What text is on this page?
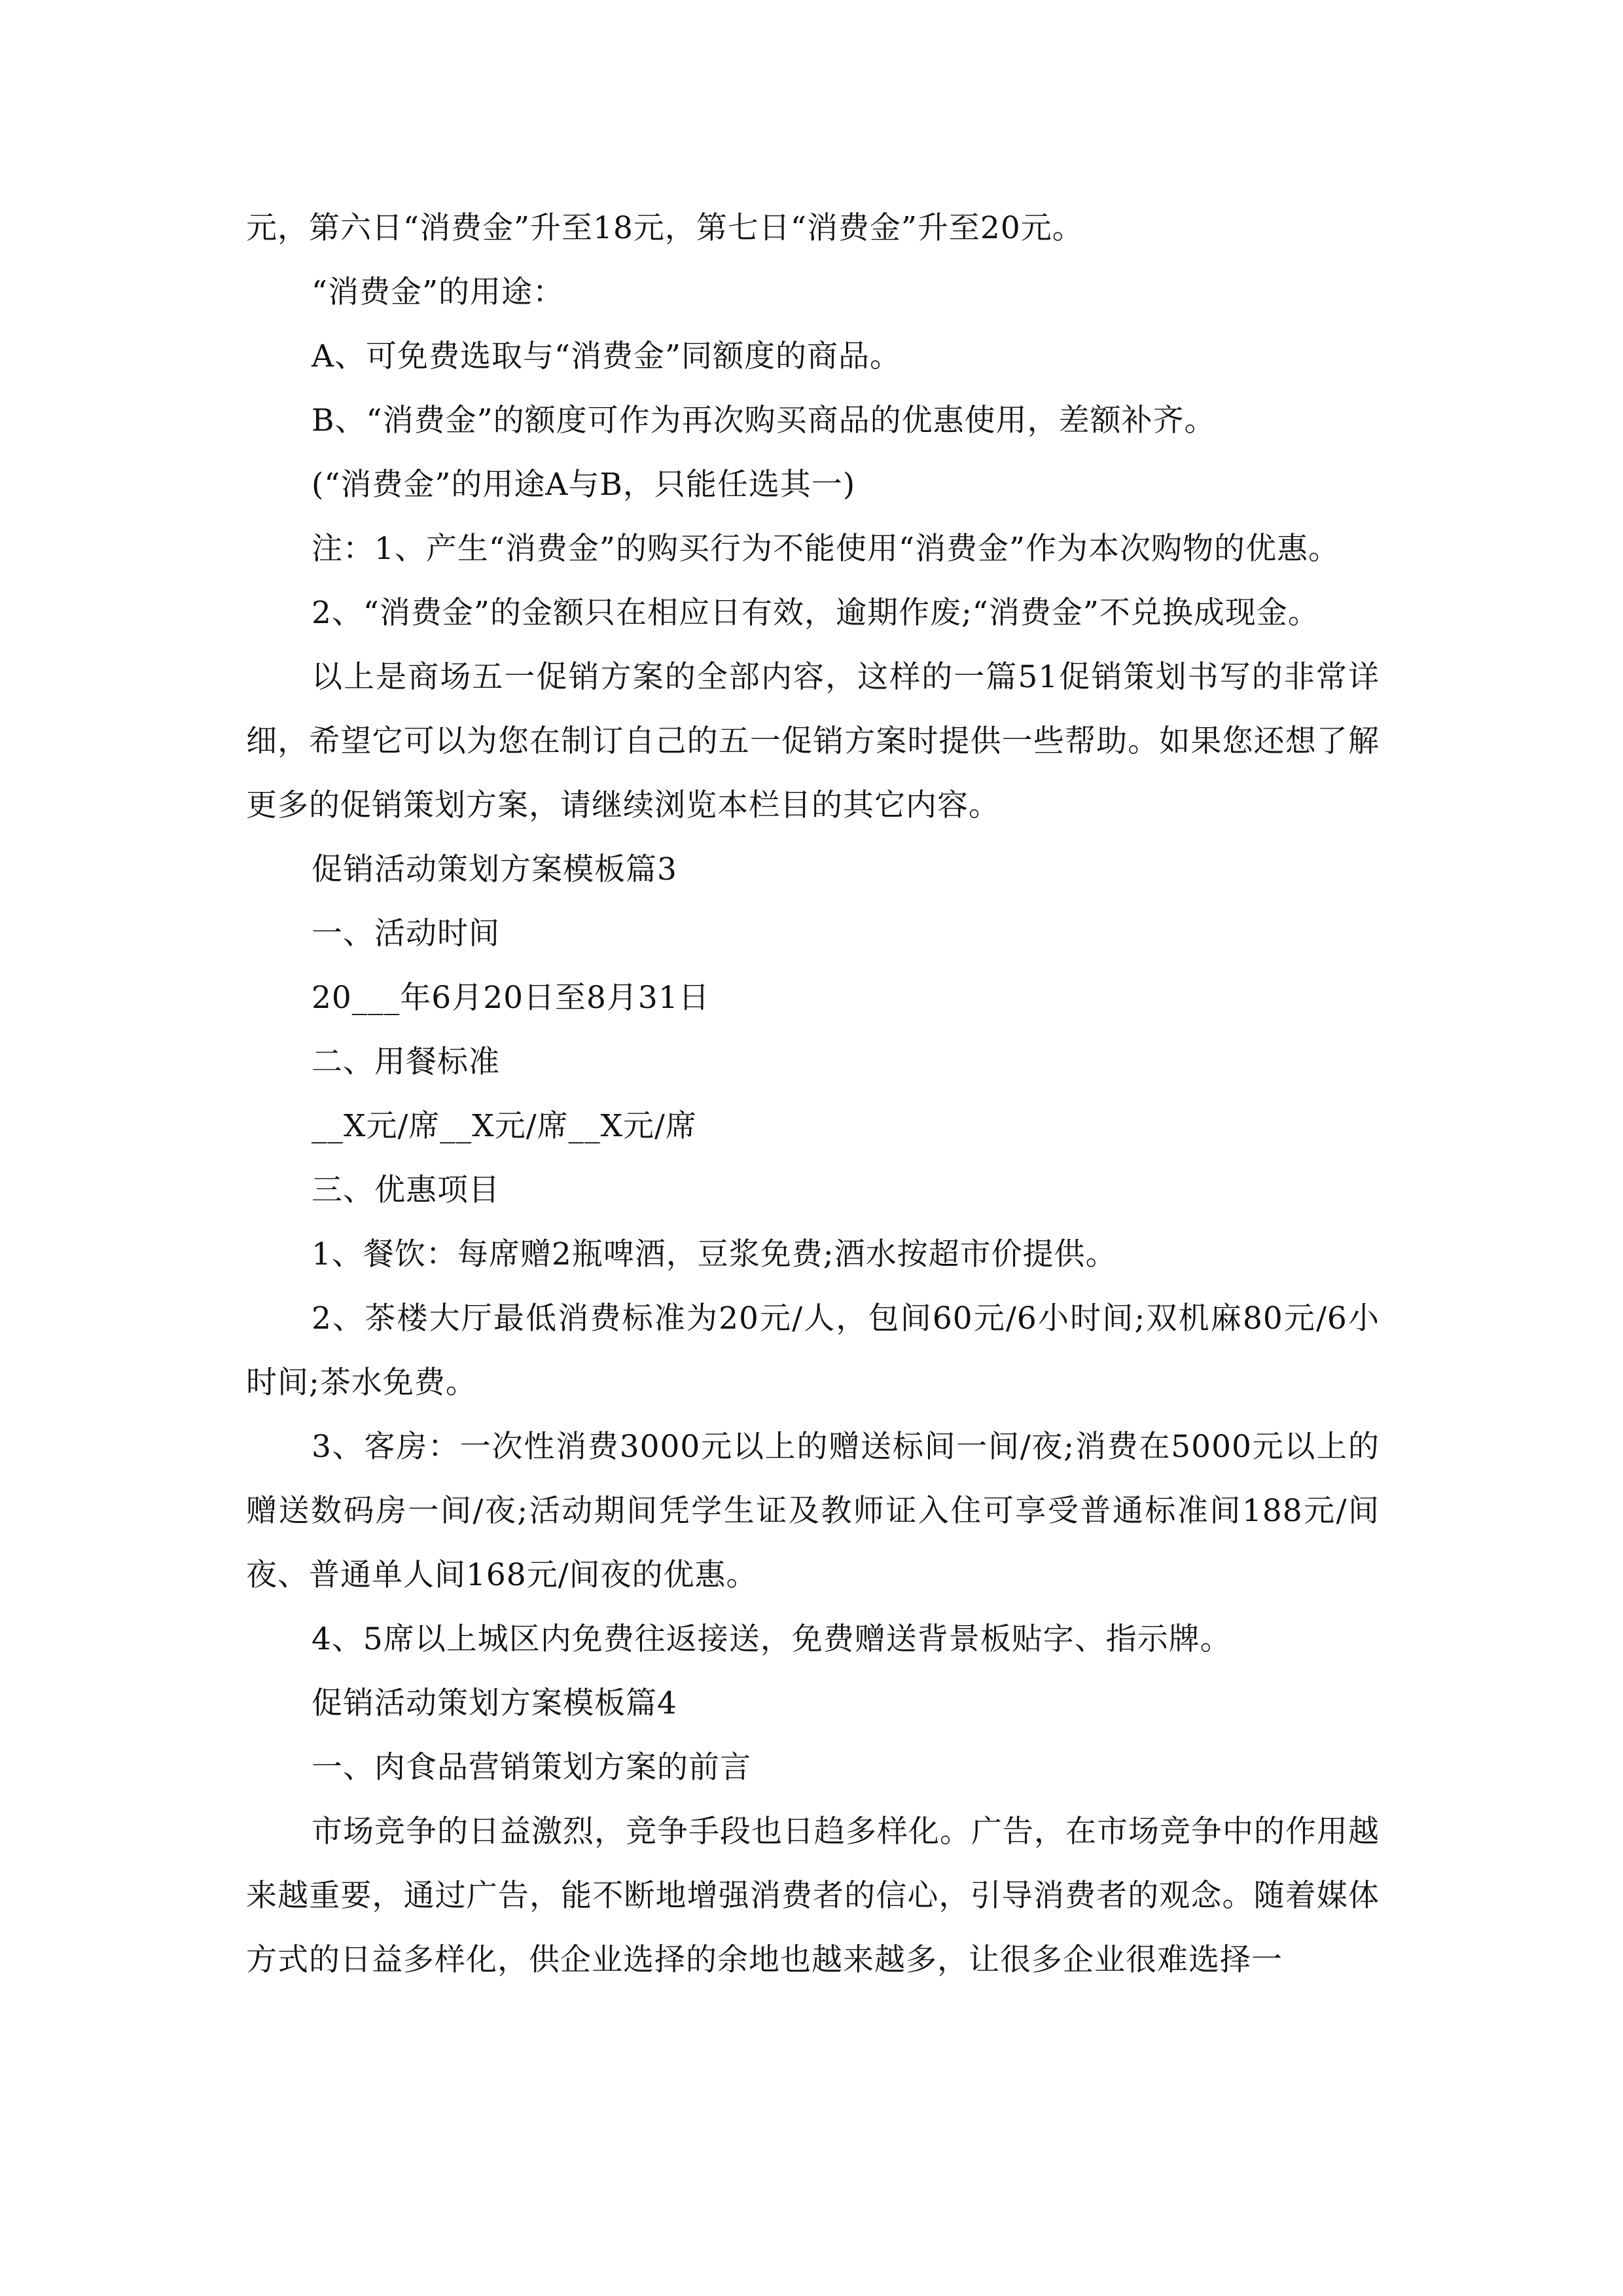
元，第六日“消费金”升至18元，第七日“消费金”升至20元。

“消费金”的用途：

A、可免费选取与“消费金”同额度的商品。

B、“消费金”的额度可作为再次购买商品的优惠使用，差额补齐。

(“消费金”的用途A与B，只能任选其一)

注：1、产生“消费金”的购买行为不能使用“消费金”作为本次购物的优惠。

2、“消费金”的金额只在相应日有效，逾期作废;“消费金”不兑换成现金。

以上是商场五一促销方案的全部内容，这样的一篇51促销策划书写的非常详细，希望它可以为您在制订自己的五一促销方案时提供一些帮助。如果您还想了解更多的促销策划方案，请继续浏览本栏目的其它内容。

促销活动策划方案模板篇3

一、活动时间

20___年6月20日至8月31日

二、用餐标准

__X元/席__X元/席__X元/席

三、优惠项目

1、餐饮：每席赠2瓶啤酒，豆浆免费;酒水按超市价提供。

2、茶楼大厅最低消费标准为20元/人，包间60元/6小时间;双机麻80元/6小时间;茶水免费。

3、客房：一次性消费3000元以上的赠送标间一间/夜;消费在5000元以上的赠送数码房一间/夜;活动期间凭学生证及教师证入住可享受普通标准间188元/间夜、普通单人间168元/间夜的优惠。

4、5席以上城区内免费往返接送，免费赠送背景板贴字、指示牌。

促销活动策划方案模板篇4

一、肉食品营销策划方案的前言

市场竞争的日益激烈，竞争手段也日趋多样化。广告，在市场竞争中的作用越来越重要，通过广告，能不断地增强消费者的信心，引导消费者的观念。随着媒体方式的日益多样化，供企业选择的余地也越来越多，让很多企业很难选择一
